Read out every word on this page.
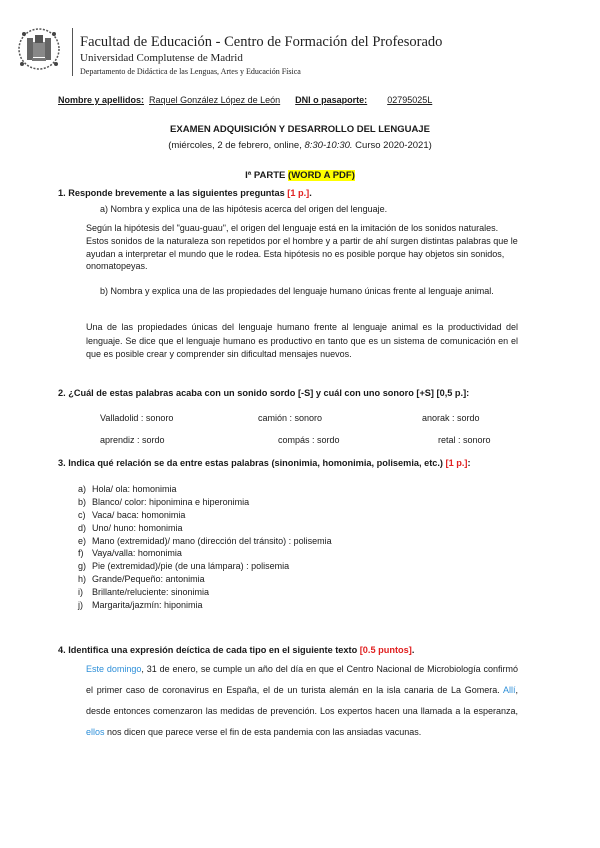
Facultad de Educación - Centro de Formación del Profesorado
Universidad Complutense de Madrid
Departamento de Didáctica de las Lenguas, Artes y Educación Física
Nombre y apellidos: Raquel González López de León DNI o pasaporte: 02795025L
EXAMEN ADQUISICIÓN Y DESARROLLO DEL LENGUAJE
(miércoles, 2 de febrero, online, 8:30-10:30. Curso 2020-2021)
Iª PARTE (WORD A PDF)
1. Responde brevemente a las siguientes preguntas [1 p.].
a) Nombra y explica una de las hipótesis acerca del origen del lenguaje.
Según la hipótesis del "guau-guau", el origen del lenguaje está en la imitación de los sonidos naturales. Estos sonidos de la naturaleza son repetidos por el hombre y a partir de ahí surgen distintas palabras que le ayudan a interpretar el mundo que le rodea. Esta hipótesis no es posible porque hay objetos sin sonidos, onomatopeyas.
b) Nombra y explica una de las propiedades del lenguaje humano únicas frente al lenguaje animal.
Una de las propiedades únicas del lenguaje humano frente al lenguaje animal es la productividad del lenguaje. Se dice que el lenguaje humano es productivo en tanto que es un sistema de comunicación en el que es posible crear y comprender sin dificultad mensajes nuevos.
2. ¿Cuál de estas palabras acaba con un sonido sordo [-S] y cuál con uno sonoro [+S] [0,5 p.]:
Valladolid : sonoro	camión : sonoro	anorak : sordo
aprendiz : sordo	compás : sordo	retal : sonoro
3. Indica qué relación se da entre estas palabras (sinonimia, homonimia, polisemia, etc.) [1 p.]:
a) Hola/ ola: homonimia
b) Blanco/ color: hiponimina e hiperonimia
c) Vaca/ baca: homonimia
d) Uno/ huno: homonimia
e) Mano (extremidad)/ mano (dirección del tránsito) : polisemia
f) Vaya/valla: homonimia
g) Pie (extremidad)/pie (de una lámpara) : polisemia
h) Grande/Pequeño: antonimia
i)	Brillante/reluciente: sinonimia
j)	Margarita/jazmín: hiponimia
4. Identifica una expresión deíctica de cada tipo en el siguiente texto [0.5 puntos].
Este domingo, 31 de enero, se cumple un año del día en que el Centro Nacional de Microbiología confirmó el primer caso de coronavirus en España, el de un turista alemán en la isla canaria de La Gomera. Allí, desde entonces comenzaron las medidas de prevención. Los expertos hacen una llamada a la esperanza, ellos nos dicen que parece verse el fin de esta pandemia con las ansiadas vacunas.
